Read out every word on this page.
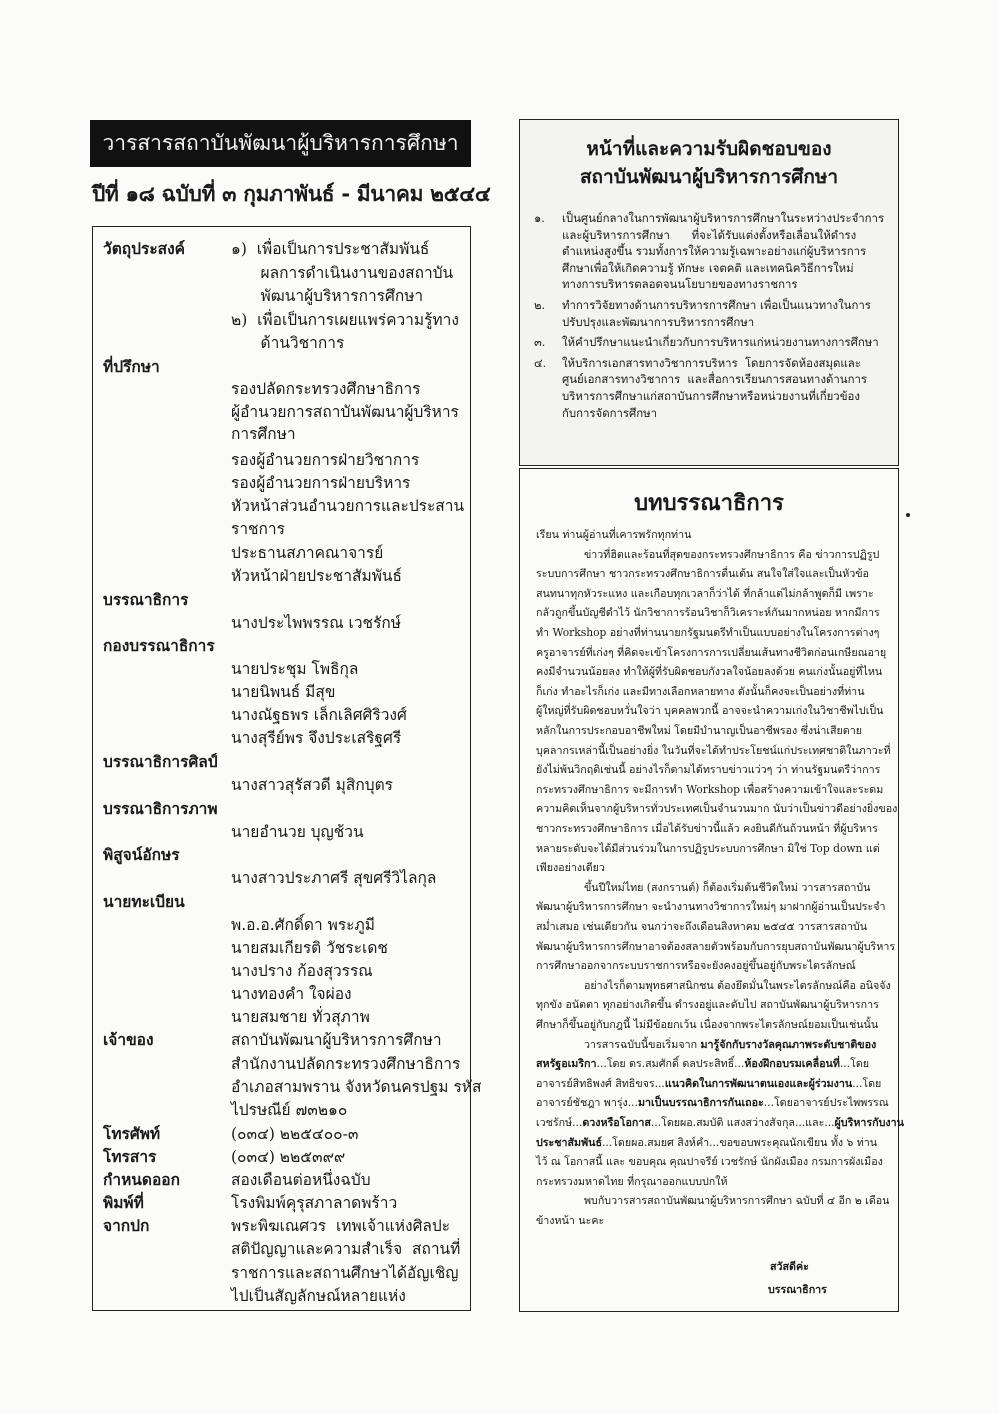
วารสารสถาบันพัฒนาผู้บริหารการศึกษา
ปีที่ ๑๘ ฉบับที่ ๓ กุมภาพันธ์ - มีนาคม ๒๕๔๔
วัตถุประสงค์	๑)  เพื่อเป็นการประชาสัมพันธ์
ผลการดำเนินงานของสถาบัน
พัฒนาผู้บริหารการศึกษา
๒)  เพื่อเป็นการเผยแพร่ความรู้ทาง
ด้านวิชาการ
ที่ปรึกษา
รองปลัดกระทรวงศึกษาธิการ
ผู้อำนวยการสถาบันพัฒนาผู้บริหาร
การศึกษา
รองผู้อำนวยการฝ่ายวิชาการ
รองผู้อำนวยการฝ่ายบริหาร
หัวหน้าส่วนอำนวยการและประสาน
ราชการ
ประธานสภาคณาจารย์
หัวหน้าฝ่ายประชาสัมพันธ์
บรรณาธิการ
นางประไพพรรณ เวชรักษ์
กองบรรณาธิการ
นายประชุม โพธิกุล
นายนิพนธ์ มีสุข
นางณัฐธพร เล็กเลิศศิริวงศ์
นางสุรีย์พร จึงประเสริฐศรี
บรรณาธิการศิลป์
นางสาวสุรัสวดี มุสิกบุตร
บรรณาธิการภาพ
นายอำนวย บุญช้วน
พิสูจน์อักษร
นางสาวประภาศรี สุขศรีวิไลกุล
นายทะเบียน
พ.อ.อ.ศักดิ์ดา พระภูมี
นายสมเกียรติ วัชระเดช
นางปราง ก้องสุวรรณ
นางทองคำ ใจผ่อง
นายสมชาย ทั่วสุภาพ
เจ้าของ	สถาบันพัฒนาผู้บริหารการศึกษา
สำนักงานปลัดกระทรวงศึกษาธิการ
อำเภอสามพราน จังหวัดนครปฐม รหัส
ไปรษณีย์ ๗๓๒๑๐
โทรศัพท์	(๐๓๔) ๒๒๕๔๐๐-๓
โทรสาร	(๐๓๔) ๒๒๕๓๙๙
กำหนดออก	สองเดือนต่อหนึ่งฉบับ
พิมพ์ที่	โรงพิมพ์คุรุสภาลาดพร้าว
จากปก	พระพิฆเณศวร  เทพเจ้าแห่งศิลปะ
สติปัญญาและความสำเร็จ  สถานที่
ราชการและสถานศึกษาได้อัญเชิญ
ไปเป็นสัญลักษณ์หลายแห่ง
หน้าที่และความรับผิดชอบของ
สถาบันพัฒนาผู้บริหารการศึกษา
๑. เป็นศูนย์กลางในการพัฒนาผู้บริหารการศึกษาในระหว่างประจำการ
และผู้บริหารการศึกษา      ที่จะได้รับแต่งตั้งหรือเลื่อนให้ดำรง
ตำแหน่งสูงขึ้น รวมทั้งการให้ความรู้เฉพาะอย่างแก่ผู้บริหารการ
ศึกษาเพื่อให้เกิดความรู้ ทักษะ เจตคติ และเทคนิควิธีการใหม่
ทางการบริหารตลอดจนนโยบายของทางราชการ
๒. ทำการวิจัยทางด้านการบริหารการศึกษา เพื่อเป็นแนวทางในการ
ปรับปรุงและพัฒนาการบริหารการศึกษา
๓. ให้คำปรึกษาแนะนำเกี่ยวกับการบริหารแก่หน่วยงานทางการศึกษา
๔. ให้บริการเอกสารทางวิชาการบริหาร  โดยการจัดห้องสมุดและ
ศูนย์เอกสารทางวิชาการ  และสื่อการเรียนการสอนทางด้านการ
บริหารการศึกษาแก่สถาบันการศึกษาหรือหน่วยงานที่เกี่ยวข้อง
กับการจัดการศึกษา
บทบรรณาธิการ
เรียน ท่านผู้อ่านที่เคารพรักทุกท่าน
ข่าวที่ฮิตและร้อนที่สุดของกระทรวงศึกษาธิการ คือ ข่าวการปฏิรูป
ระบบการศึกษา ชาวกระทรวงศึกษาธิการตื่นเต้น สนใจใส่ใจและเป็นหัวข้อ
สนทนาทุกหัวระแหง และเกือบทุกเวลาก็ว่าได้ ที่กล้าแต่ไม่กล้าพูดก็มี เพราะ
กลัวถูกขึ้นบัญชีดำไว้ นักวิชาการร้อนวิชาก็วิเคราะห์กันมากหน่อย หากมีการ
ทำ Workshop อย่างที่ท่านนายกรัฐมนตรีทำเป็นแบบอย่างในโครงการต่างๆ
ครูอาจารย์ที่เก่งๆ ที่คิดจะเข้าโครงการการเปลี่ยนเส้นทางชีวิตก่อนเกษียณอายุ
คงมีจำนวนน้อยลง ทำให้ผู้ที่รับผิดชอบกังวลใจน้อยลงด้วย คนเก่งนั้นอยู่ที่ไหน
ก็เก่ง ทำอะไรก็เก่ง และมีทางเลือกหลายทาง ดังนั้นก็คงจะเป็นอย่างที่ท่าน
ผู้ใหญ่ที่รับผิดชอบหวั่นใจว่า บุคคลพวกนี้ อาจจะนำความเก่งในวิชาชีพไปเป็น
หลักในการประกอบอาชีพใหม่ โดยมีบำนาญเป็นอาชีพรอง ซึ่งน่าเสียดาย
บุคลากรเหล่านี้เป็นอย่างยิ่ง ในวันที่จะได้ทำประโยชน์แก่ประเทศชาติในภาวะที่
ยังไม่พ้นวิกฤติเช่นนี้ อย่างไรก็ตามได้ทราบข่าวแว่วๆ ว่า ท่านรัฐมนตรีว่าการ
กระทรวงศึกษาธิการ จะมีการทำ Workshop เพื่อสร้างความเข้าใจและระดม
ความคิดเห็นจากผู้บริหารทั่วประเทศเป็นจำนวนมาก นับว่าเป็นข่าวดีอย่างยิ่งของ
ชาวกระทรวงศึกษาธิการ เมื่อได้รับข่าวนี้แล้ว คงยินดีกันถ้วนหน้า ที่ผู้บริหาร
หลายระดับจะได้มีส่วนร่วมในการปฏิรูประบบการศึกษา มิใช่ Top down แต่
เพียงอย่างเดียว
ขึ้นปีใหม่ไทย (สงกรานต์) ก็ต้องเริ่มต้นชีวิตใหม่ วารสารสถาบัน
พัฒนาผู้บริหารการศึกษา จะนำงานทางวิชาการใหม่ๆ มาฝากผู้อ่านเป็นประจำ
สม่ำเสมอ เช่นเดียวกัน จนกว่าจะถึงเดือนสิงหาคม ๒๕๔๕ วารสารสถาบัน
พัฒนาผู้บริหารการศึกษาอาจต้องสลายตัวพร้อมกับการยุบสถาบันพัฒนาผู้บริหาร
การศึกษาออกจากระบบราชการหรือจะยังคงอยู่ขึ้นอยู่กับพระไตรลักษณ์
อย่างไรก็ตามพุทธศาสนิกชน ต้องยึดมั่นในพระไตรลักษณ์คือ อนิจจัง
ทุกขัง อนัตตา ทุกอย่างเกิดขึ้น ดำรงอยู่และดับไป สถาบันพัฒนาผู้บริหารการ
ศึกษาก็ขึ้นอยู่กับกฎนี้ ไม่มีข้อยกเว้น เนื่องจากพระไตรลักษณ์ยอมเป็นเช่นนั้น
วารสารฉบับนี้ขอเริ่มจาก มารู้จักกับรางวัลคุณภาพระดับชาติของ
สหรัฐอเมริกา...โดย ดร.สมศักดิ์ ดลประสิทธิ์...ห้องฝึกอบรมเคลื่อนที่...โดย
อาจารย์สิทธิพงศ์ สิทธิขจร...แนวคิดในการพัฒนาตนเองและผู้ร่วมงาน...โดย
อาจารย์ชัชฎา พารุ่ง...มาเป็นบรรณาธิการกันเถอะ...โดยอาจารย์ประไพพรรณ
เวชรักษ์...ดวงหรือโอกาส...โดยผอ.สมบัติ แสงสว่างสัจกุล...และ...ผู้บริหารกับงาน
ประชาสัมพันธ์...โดยผอ.สมยศ สิงห์คำ...ขอขอบพระคุณนักเขียน ทั้ง ๖ ท่าน
ไว้ ณ โอกาสนี้ และ ขอบคุณ คุณปาจรีย์ เวชรักษ์ นักผังเมือง กรมการผังเมือง
กระทรวงมหาดไทย ที่กรุณาออกแบบปกให้
พบกับวารสารสถาบันพัฒนาผู้บริหารการศึกษา ฉบับที่ ๔ อีก ๒ เดือน
ข้างหน้า นะคะ
สวัสดีค่ะ
บรรณาธิการ
